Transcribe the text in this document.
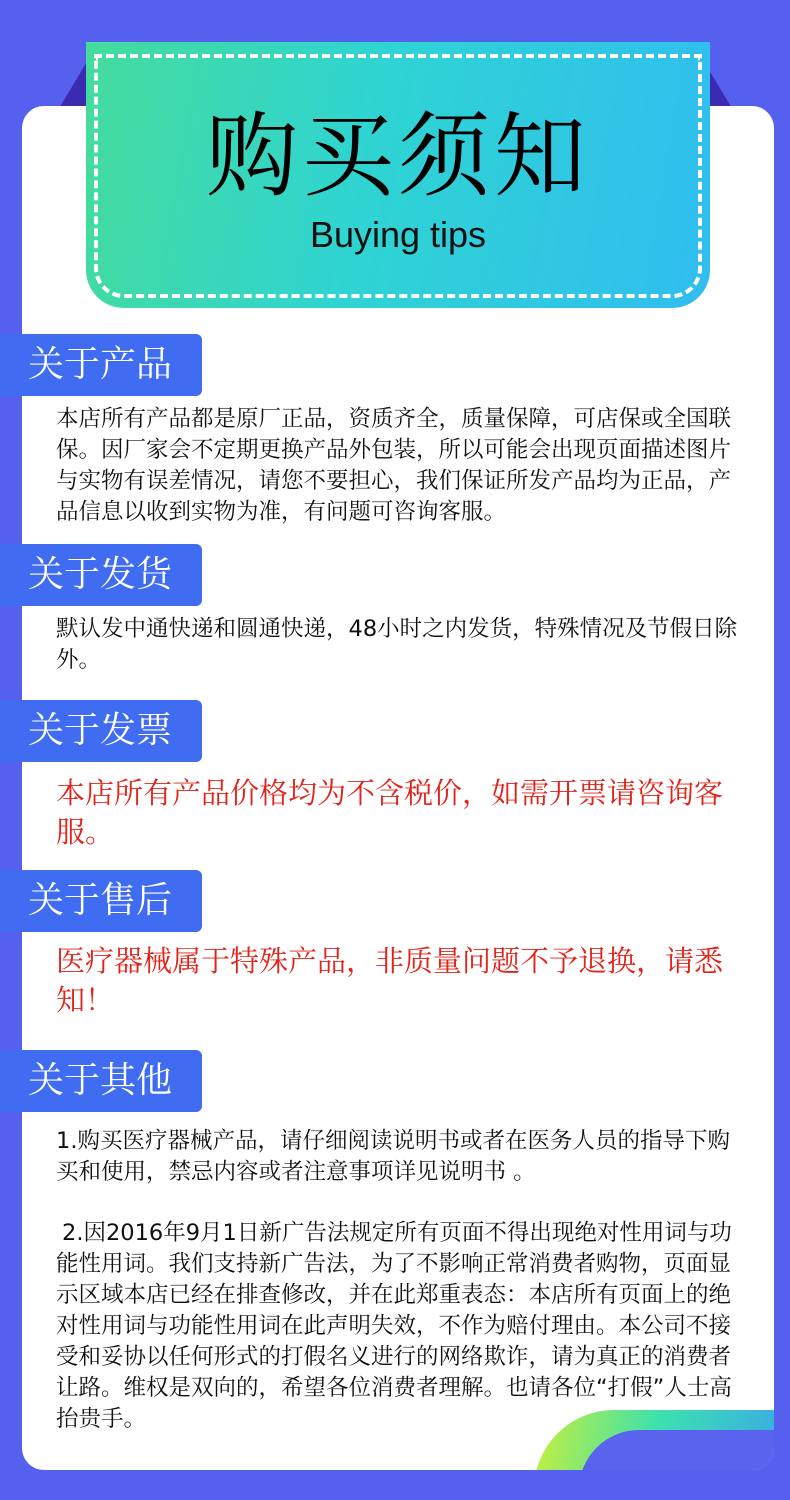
购买须知
Buying tips
关于产品

本店所有产品都是原厂正品，资质齐全，质量保障，可店保或全国联保。因厂家会不定期更换产品外包装，所以可能会出现页面描述图片与实物有误差情况，请您不要担心，我们保证所发产品均为正品，产品信息以收到实物为准，有问题可咨询客服。

关于发货

默认发中通快递和圆通快递，48小时之内发货，特殊情况及节假日除外。

关于发票

本店所有产品价格均为不含税价，如需开票请咨询客服。

关于售后

医疗器械属于特殊产品，非质量问题不予退换，请悉知！

关于其他

1.购买医疗器械产品，请仔细阅读说明书或者在医务人员的指导下购买和使用，禁忌内容或者注意事项详见说明书 。

2.因2016年9月1日新广告法规定所有页面不得出现绝对性用词与功能性用词。我们支持新广告法，为了不影响正常消费者购物，页面显示区域本店已经在排查修改，并在此郑重表态：本店所有页面上的绝对性用词与功能性用词在此声明失效，不作为赔付理由。本公司不接受和妥协以任何形式的打假名义进行的网络欺诈，请为真正的消费者让路。维权是双向的，希望各位消费者理解。也请各位“打假”人士高抬贵手。
